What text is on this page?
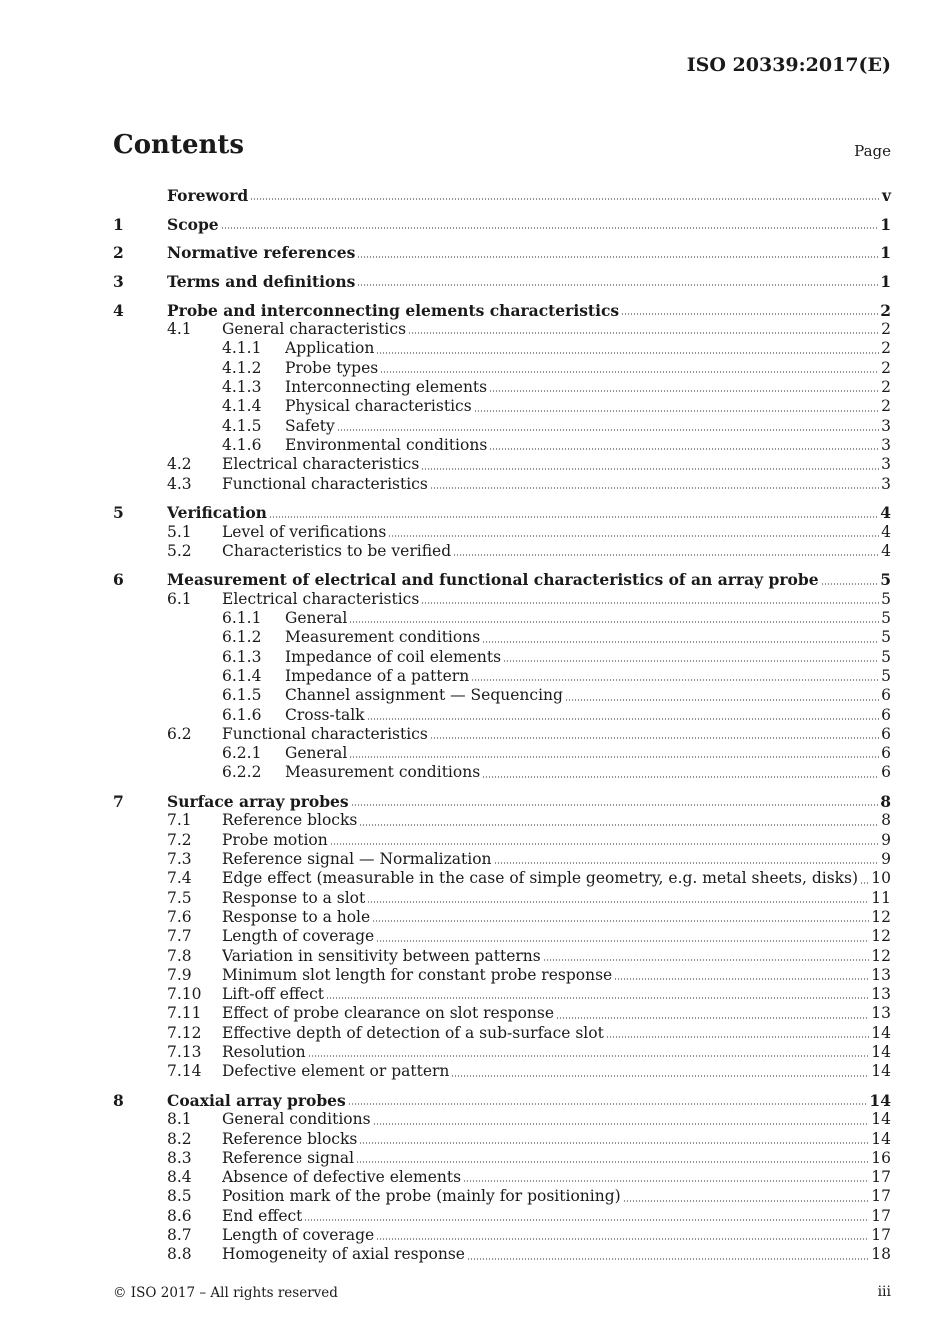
ISO 20339:2017(E)
Contents	Page
Foreword	v
1	Scope	1
2	Normative references	1
3	Terms and definitions	1
4	Probe and interconnecting elements characteristics	2
4.1	General characteristics	2
4.1.1	Application	2
4.1.2	Probe types	2
4.1.3	Interconnecting elements	2
4.1.4	Physical characteristics	2
4.1.5	Safety	3
4.1.6	Environmental conditions	3
4.2	Electrical characteristics	3
4.3	Functional characteristics	3
5	Verification	4
5.1	Level of verifications	4
5.2	Characteristics to be verified	4
6	Measurement of electrical and functional characteristics of an array probe	5
6.1	Electrical characteristics	5
6.1.1	General	5
6.1.2	Measurement conditions	5
6.1.3	Impedance of coil elements	5
6.1.4	Impedance of a pattern	5
6.1.5	Channel assignment — Sequencing	6
6.1.6	Cross-talk	6
6.2	Functional characteristics	6
6.2.1	General	6
6.2.2	Measurement conditions	6
7	Surface array probes	8
7.1	Reference blocks	8
7.2	Probe motion	9
7.3	Reference signal — Normalization	9
7.4	Edge effect (measurable in the case of simple geometry, e.g. metal sheets, disks) 10
7.5	Response to a slot	11
7.6	Response to a hole	12
7.7	Length of coverage	12
7.8	Variation in sensitivity between patterns	12
7.9	Minimum slot length for constant probe response	13
7.10	Lift-off effect	13
7.11	Effect of probe clearance on slot response	13
7.12	Effective depth of detection of a sub-surface slot	14
7.13	Resolution	14
7.14	Defective element or pattern	14
8	Coaxial array probes	14
8.1	General conditions	14
8.2	Reference blocks	14
8.3	Reference signal	16
8.4	Absence of defective elements	17
8.5	Position mark of the probe (mainly for positioning)	17
8.6	End effect	17
8.7	Length of coverage	17
8.8	Homogeneity of axial response	18
© ISO 2017 – All rights reserved	iii
